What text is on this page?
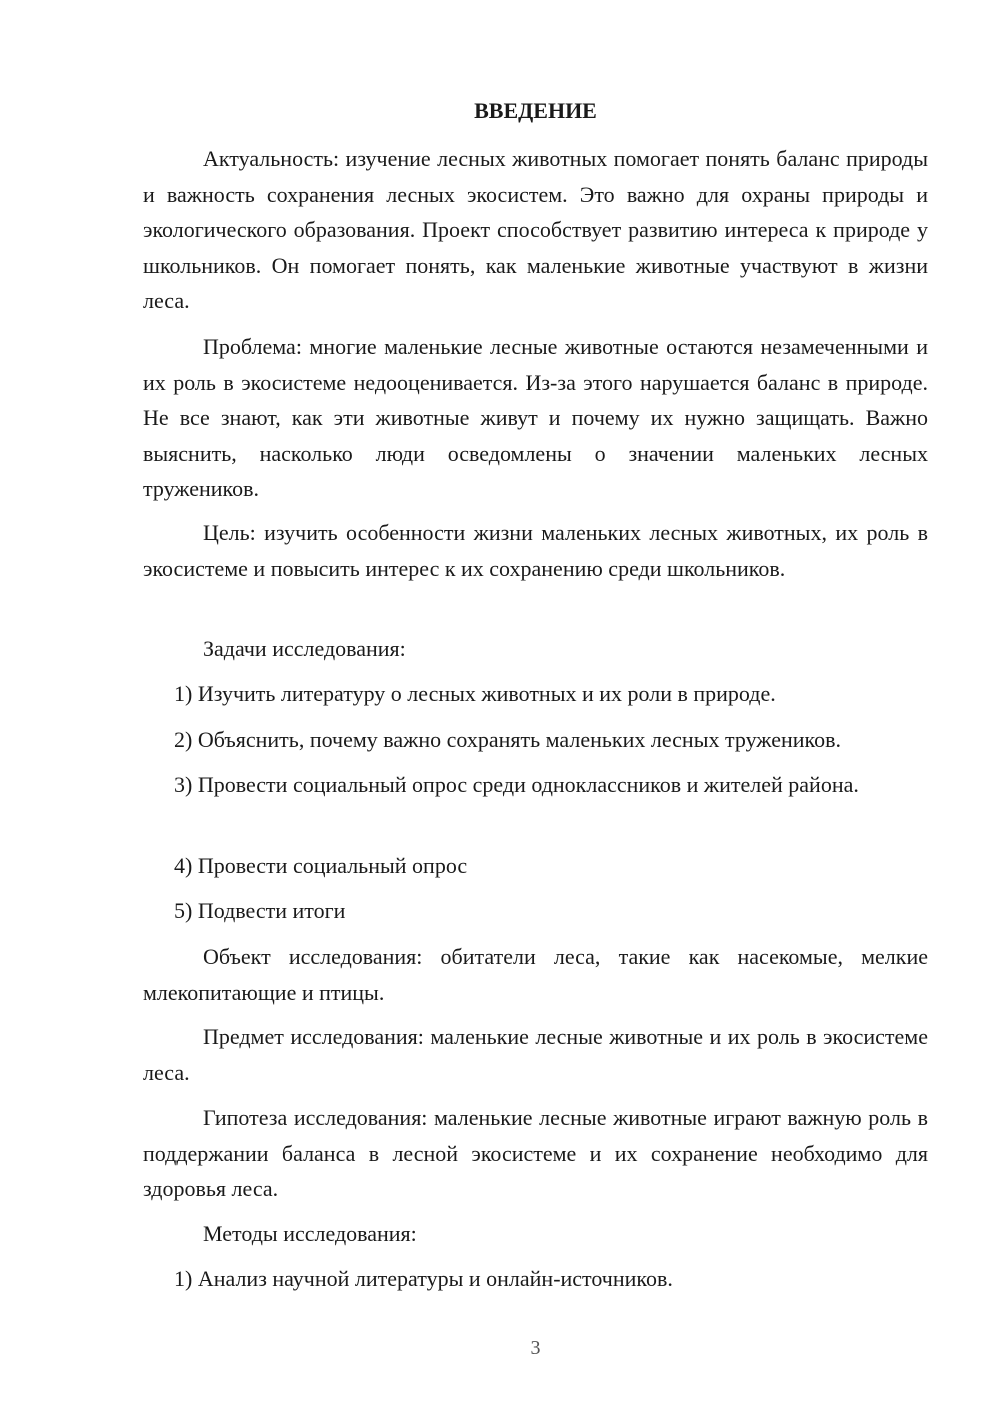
ВВЕДЕНИЕ

Актуальность: изучение лесных животных помогает понять баланс природы и важность сохранения лесных экосистем. Это важно для охраны природы и экологического образования. Проект способствует развитию интереса к природе у школьников. Он помогает понять, как маленькие животные участвуют в жизни леса.

Проблема: многие маленькие лесные животные остаются незамеченными и их роль в экосистеме недооценивается. Из-за этого нарушается баланс в природе. Не все знают, как эти животные живут и почему их нужно защищать. Важно выяснить, насколько люди осведомлены о значении маленьких лесных тружеников.

Цель: изучить особенности жизни маленьких лесных животных, их роль в экосистеме и повысить интерес к их сохранению среди школьников.

Задачи исследования:

1) Изучить литературу о лесных животных и их роли в природе.

2) Объяснить, почему важно сохранять маленьких лесных тружеников.

3) Провести социальный опрос среди одноклассников и жителей района.

4) Провести социальный опрос

5) Подвести итоги

Объект исследования: обитатели леса, такие как насекомые, мелкие млекопитающие и птицы.

Предмет исследования: маленькие лесные животные и их роль в экосистеме леса.

Гипотеза исследования: маленькие лесные животные играют важную роль в поддержании баланса в лесной экосистеме и их сохранение необходимо для здоровья леса.

Методы исследования:

1) Анализ научной литературы и онлайн-источников.

3
